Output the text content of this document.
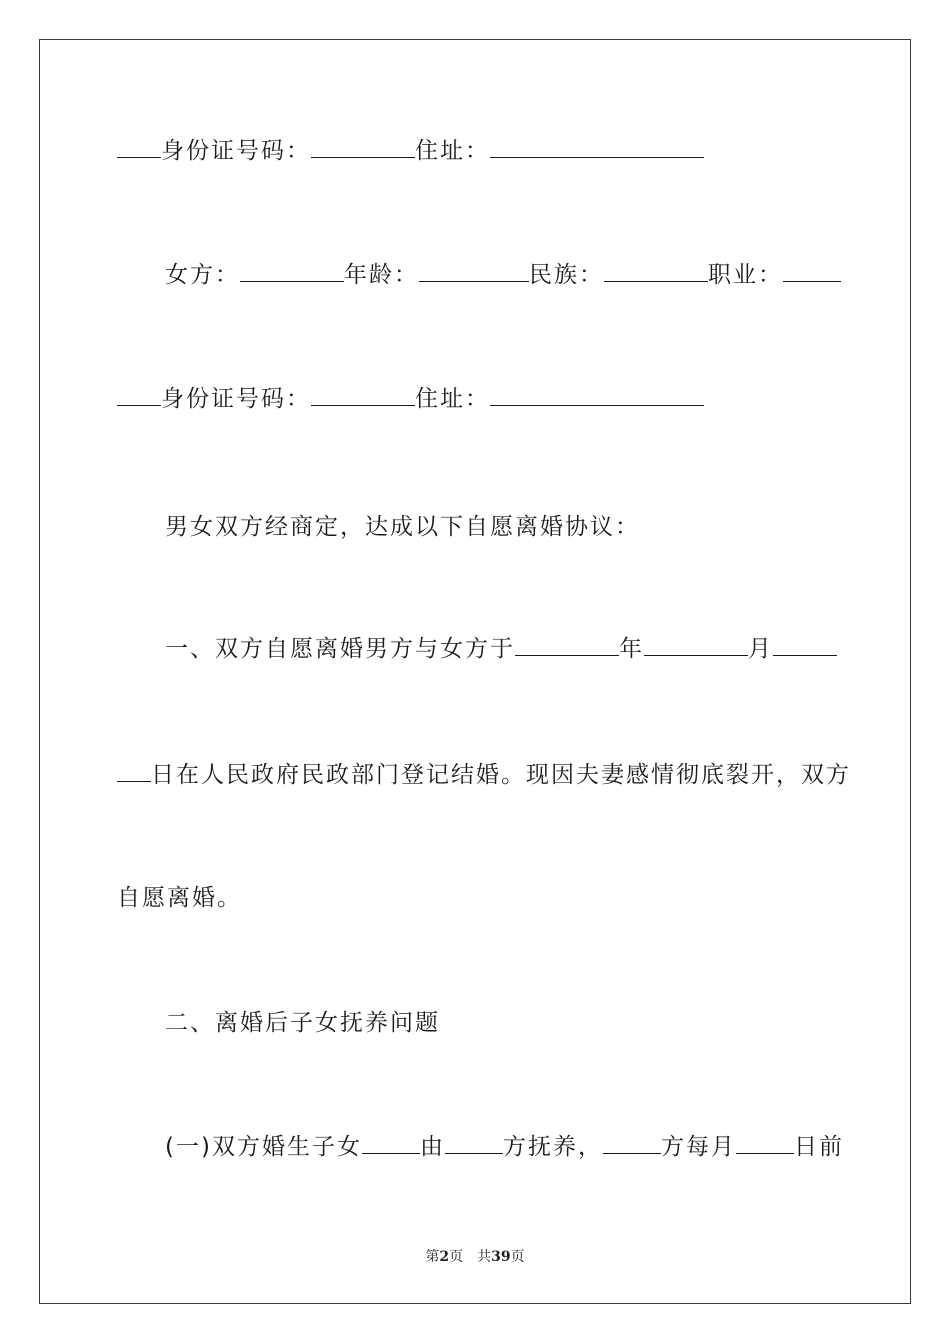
身份证号码：	住址：
女方：	年龄：	民族：	职业：
身份证号码：	住址：
男女双方经商定，达成以下自愿离婚协议：
一、双方自愿离婚男方与女方于	年	月
日在人民政府民政部门登记结婚。现因夫妻感情彻底裂开，双方
自愿离婚。
二、离婚后子女抚养问题
(一)双方婚生子女	由	方抚养，	方每月	日前
第2页　共39页
